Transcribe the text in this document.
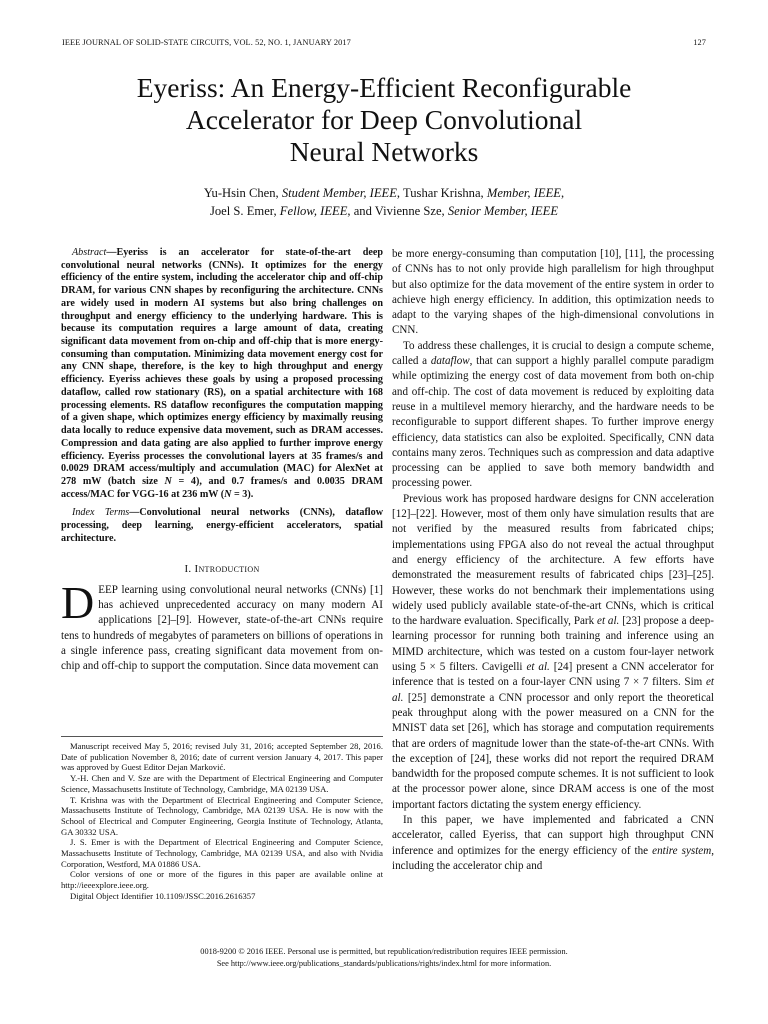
IEEE JOURNAL OF SOLID-STATE CIRCUITS, VOL. 52, NO. 1, JANUARY 2017	127
Eyeriss: An Energy-Efficient Reconfigurable
Accelerator for Deep Convolutional
Neural Networks
Yu-Hsin Chen, Student Member, IEEE, Tushar Krishna, Member, IEEE,
Joel S. Emer, Fellow, IEEE, and Vivienne Sze, Senior Member, IEEE

Abstract—Eyeriss is an accelerator for state-of-the-art deep convolutional neural networks (CNNs). It optimizes for the energy efficiency of the entire system, including the accelerator chip and off-chip DRAM, for various CNN shapes by reconfiguring the architecture. CNNs are widely used in modern AI systems but also bring challenges on throughput and energy efficiency to the underlying hardware. This is because its computation requires a large amount of data, creating significant data movement from on-chip and off-chip that is more energy-consuming than computation. Minimizing data movement energy cost for any CNN shape, therefore, is the key to high throughput and energy efficiency. Eyeriss achieves these goals by using a proposed processing dataflow, called row stationary (RS), on a spatial architecture with 168 processing elements. RS dataflow reconfigures the computation mapping of a given shape, which optimizes energy efficiency by maximally reusing data locally to reduce expensive data movement, such as DRAM accesses. Compression and data gating are also applied to further improve energy efficiency. Eyeriss processes the convolutional layers at 35 frames/s and 0.0029 DRAM access/multiply and accumulation (MAC) for AlexNet at 278 mW (batch size N = 4), and 0.7 frames/s and 0.0035 DRAM access/MAC for VGG-16 at 236 mW (N = 3).

Index Terms—Convolutional neural networks (CNNs), dataflow processing, deep learning, energy-efficient accelerators, spatial architecture.

I. Introduction

DEEP learning using convolutional neural networks (CNNs) [1] has achieved unprecedented accuracy on many modern AI applications [2]–[9]. However, state-of-the-art CNNs require tens to hundreds of megabytes of parameters on billions of operations in a single inference pass, creating significant data movement from on-chip and off-chip to support the computation. Since data movement can

Manuscript received May 5, 2016; revised July 31, 2016; accepted September 28, 2016. Date of publication November 8, 2016; date of current version January 4, 2017. This paper was approved by Guest Editor Dejan Marković.

Y.-H. Chen and V. Sze are with the Department of Electrical Engineering and Computer Science, Massachusetts Institute of Technology, Cambridge, MA 02139 USA.

T. Krishna was with the Department of Electrical Engineering and Computer Science, Massachusetts Institute of Technology, Cambridge, MA 02139 USA. He is now with the School of Electrical and Computer Engineering, Georgia Institute of Technology, Atlanta, GA 30332 USA.

J. S. Emer is with the Department of Electrical Engineering and Computer Science, Massachusetts Institute of Technology, Cambridge, MA 02139 USA, and also with Nvidia Corporation, Westford, MA 01886 USA.

Color versions of one or more of the figures in this paper are available online at http://ieeexplore.ieee.org.

Digital Object Identifier 10.1109/JSSC.2016.2616357

be more energy-consuming than computation [10], [11], the processing of CNNs has to not only provide high parallelism for high throughput but also optimize for the data movement of the entire system in order to achieve high energy efficiency. In addition, this optimization needs to adapt to the varying shapes of the high-dimensional convolutions in CNN.

To address these challenges, it is crucial to design a compute scheme, called a dataflow, that can support a highly parallel compute paradigm while optimizing the energy cost of data movement from both on-chip and off-chip. The cost of data movement is reduced by exploiting data reuse in a multilevel memory hierarchy, and the hardware needs to be reconfigurable to support different shapes. To further improve energy efficiency, data statistics can also be exploited. Specifically, CNN data contains many zeros. Techniques such as compression and data adaptive processing can be applied to save both memory bandwidth and processing power.

Previous work has proposed hardware designs for CNN acceleration [12]–[22]. However, most of them only have simulation results that are not verified by the measured results from fabricated chips; implementations using FPGA also do not reveal the actual throughput and energy efficiency of the architecture. A few efforts have demonstrated the measurement results of fabricated chips [23]–[25]. However, these works do not benchmark their implementations using widely used publicly available state-of-the-art CNNs, which is critical to the hardware evaluation. Specifically, Park et al. [23] propose a deep-learning processor for running both training and inference using an MIMD architecture, which was tested on a custom four-layer network using 5 × 5 filters. Cavigelli et al. [24] present a CNN accelerator for inference that is tested on a four-layer CNN using 7 × 7 filters. Sim et al. [25] demonstrate a CNN processor and only report the theoretical peak throughput along with the power measured on a CNN for the MNIST data set [26], which has storage and computation requirements that are orders of magnitude lower than the state-of-the-art CNNs. With the exception of [24], these works did not report the required DRAM bandwidth for the proposed compute schemes. It is not sufficient to look at the processor power alone, since DRAM access is one of the most important factors dictating the system energy efficiency.

In this paper, we have implemented and fabricated a CNN accelerator, called Eyeriss, that can support high throughput CNN inference and optimizes for the energy efficiency of the entire system, including the accelerator chip and

0018-9200 © 2016 IEEE. Personal use is permitted, but republication/redistribution requires IEEE permission.
See http://www.ieee.org/publications_standards/publications/rights/index.html for more information.
